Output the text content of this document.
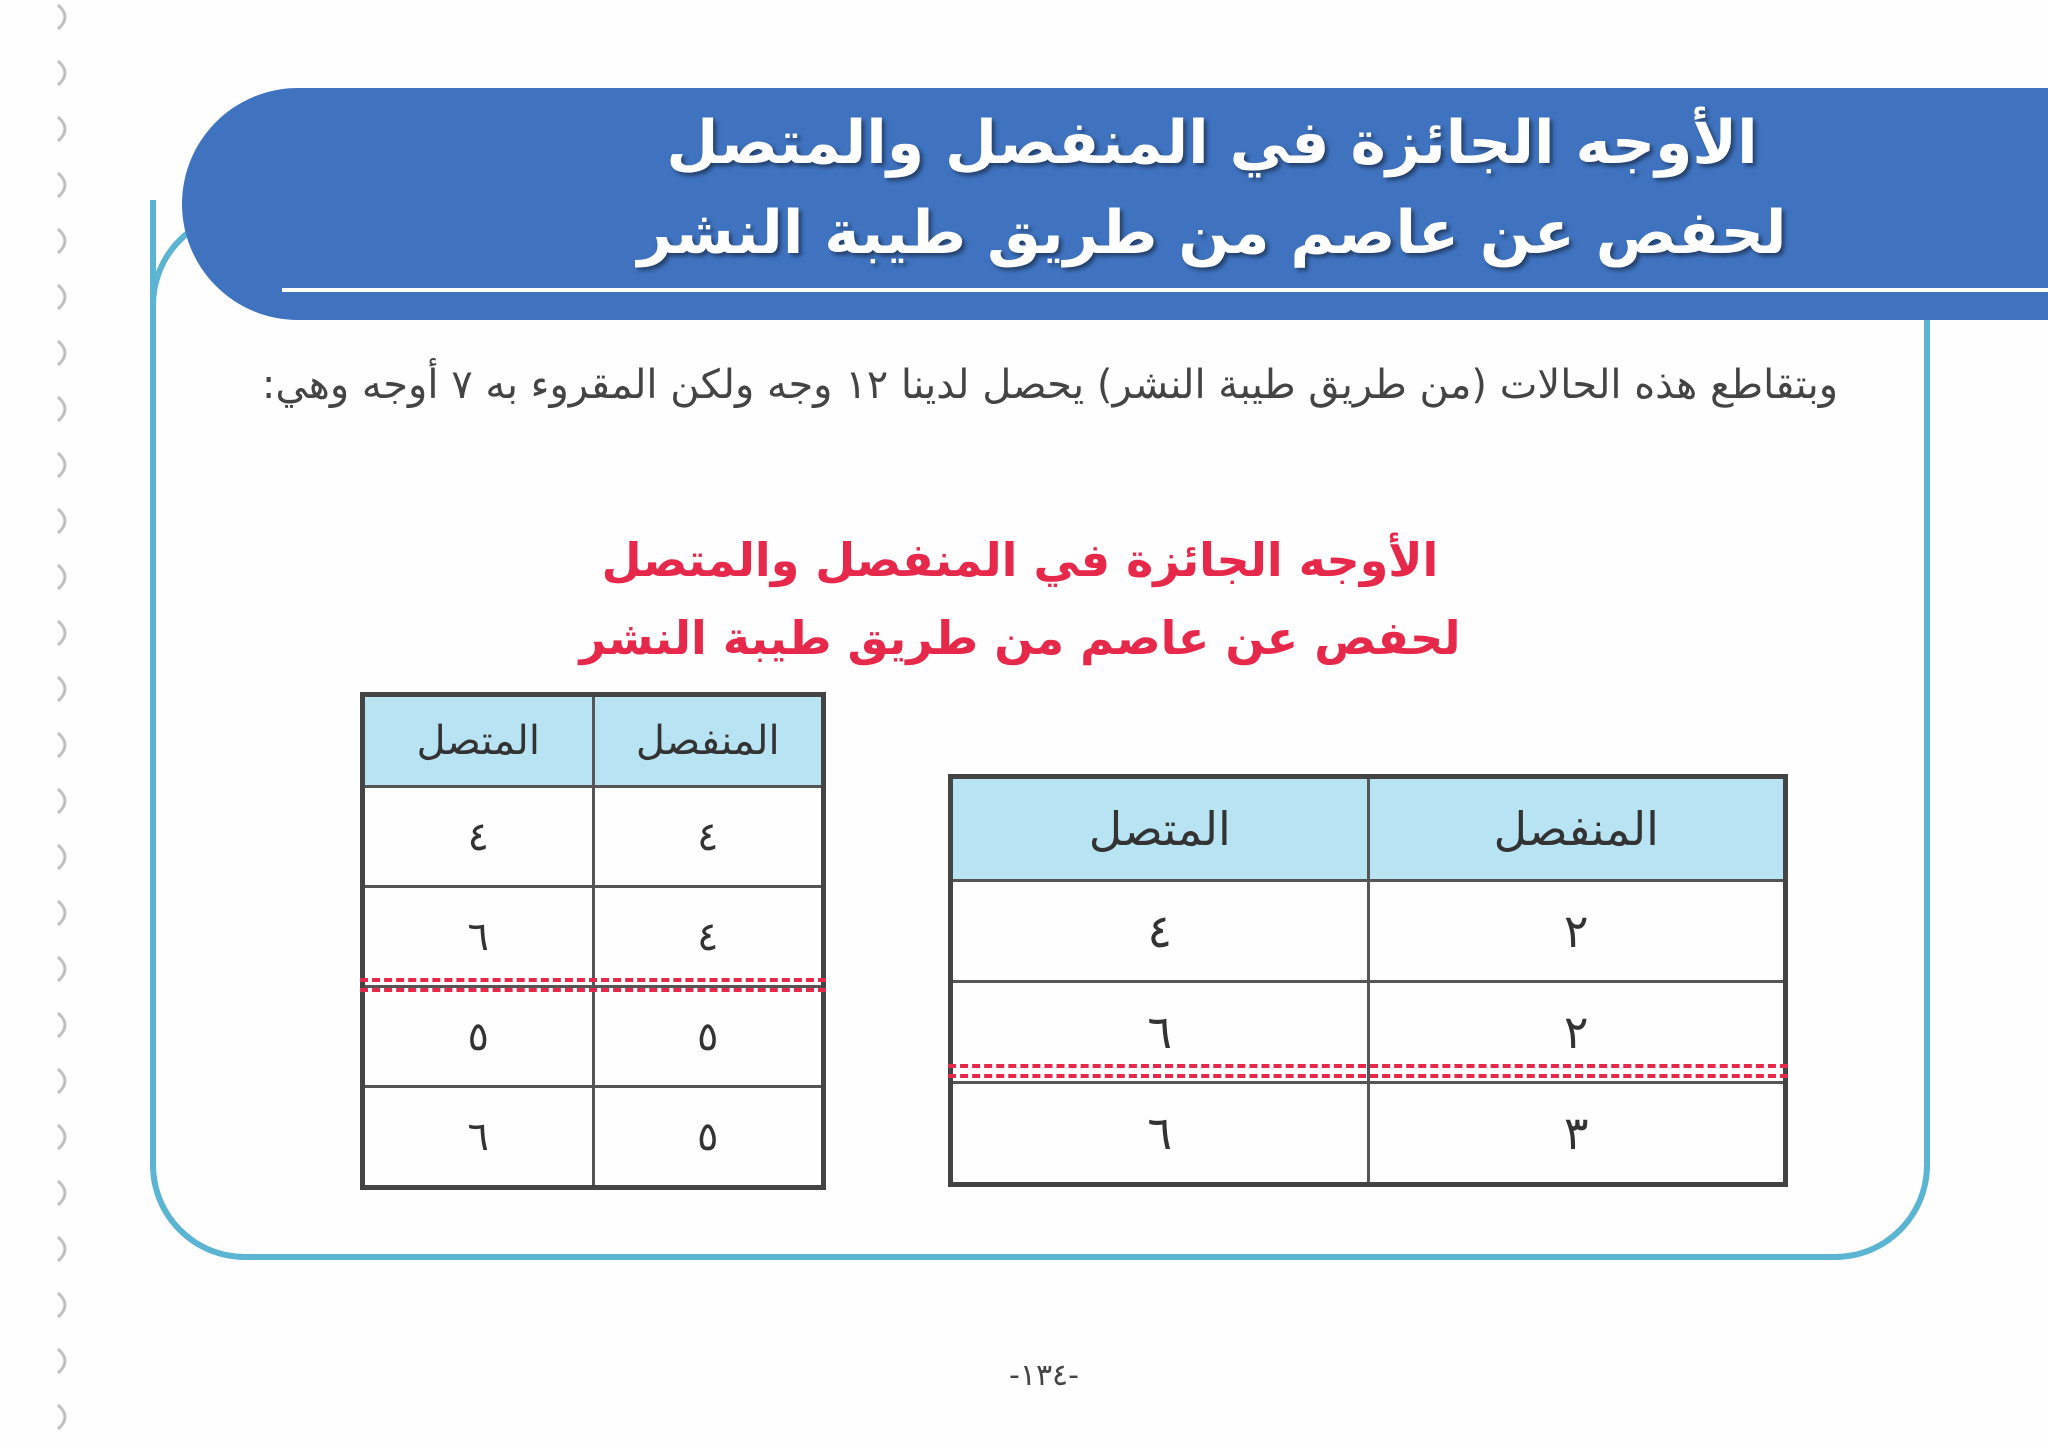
الأوجه الجائزة في المنفصل والمتصل
لحفص عن عاصم من طريق طيبة النشر
وبتقاطع هذه الحالات (من طريق طيبة النشر) يحصل لدينا ١٢ وجه ولكن المقروء به ٧ أوجه وهي:
الأوجه الجائزة في المنفصل والمتصل
لحفص عن عاصم من طريق طيبة النشر
المنفصل	المتصل
٤	٤
٤	٦
٥	٥
٥	٦
المنفصل	المتصل
٢	٤
٢	٦
٣	٦
-١٣٤-
